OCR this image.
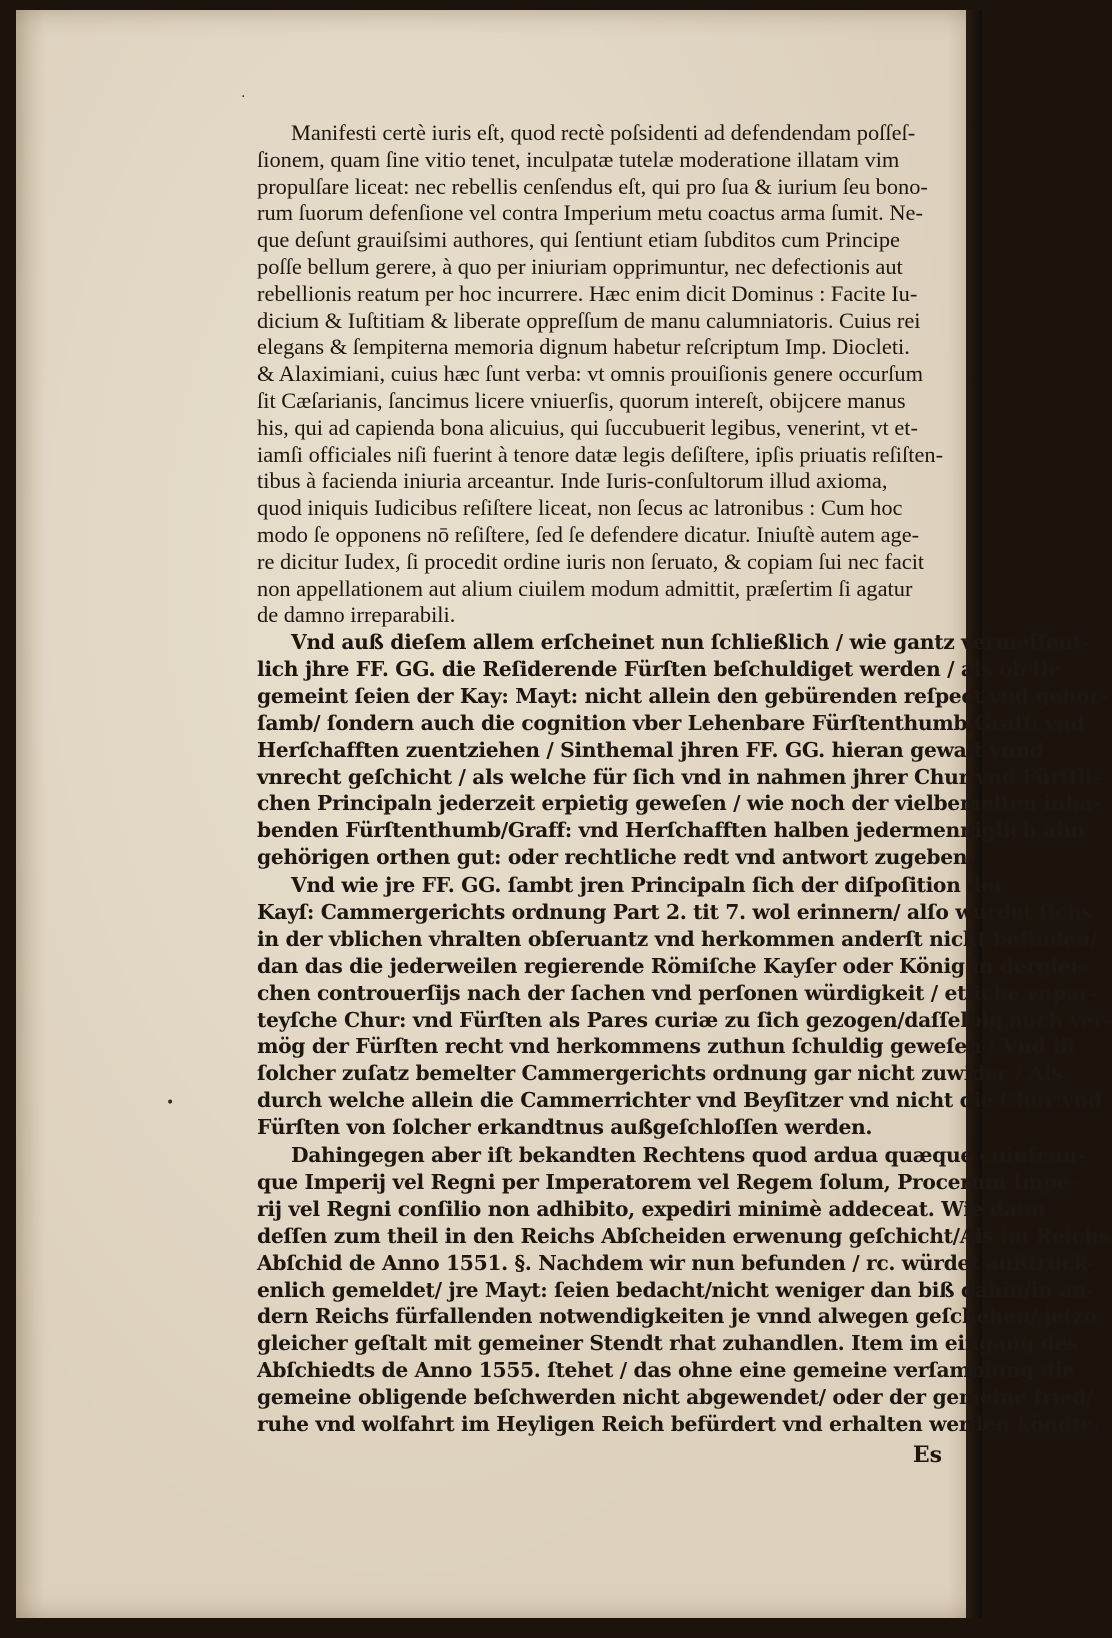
·
•
Manifesti certè iuris eſt, quod rectè poſsidenti ad defendendam poſſeſ-
ſionem, quam ſine vitio tenet, inculpatæ tutelæ moderatione illatam vim
propulſare liceat: nec rebellis cenſendus eſt, qui pro ſua & iurium ſeu bono-
rum ſuorum defenſione vel contra Imperium metu coactus arma ſumit. Ne-
que deſunt grauiſsimi authores, qui ſentiunt etiam ſubditos cum Principe
poſſe bellum gerere, à quo per iniuriam opprimuntur, nec defectionis aut
rebellionis reatum per hoc incurrere. Hæc enim dicit Dominus : Facite Iu-
dicium & Iuſtitiam & liberate oppreſſum de manu calumniatoris. Cuius rei
elegans & ſempiterna memoria dignum habetur reſcriptum Imp. Diocleti.
& Alaximiani, cuius hæc ſunt verba: vt omnis prouiſionis genere occurſum
ſit Cæſarianis, ſancimus licere vniuerſis, quorum intereſt, obijcere manus
his, qui ad capienda bona alicuius, qui ſuccubuerit legibus, venerint, vt et-
iamſi officiales niſi fuerint à tenore datæ legis deſiſtere, ipſis priuatis reſiſten-
tibus à facienda iniuria arceantur. Inde Iuris-conſultorum illud axioma,
quod iniquis Iudicibus reſiſtere liceat, non ſecus ac latronibus : Cum hoc
modo ſe opponens nō reſiſtere, ſed ſe defendere dicatur. Iniuſtè autem age-
re dicitur Iudex, ſi procedit ordine iuris non ſeruato, & copiam ſui nec facit
non appellationem aut alium ciuilem modum admittit, præſertim ſi agatur
de damno irreparabili.
Vnd auß dieſem allem erſcheinet nun ſchließlich / wie gantz vermeſſent-
lich jhre FF. GG. die Reſiderende Fürſten beſchuldiget werden / als ob ſie
gemeint ſeien der Kay: Mayt: nicht allein den gebürenden reſpect vnd gehor-
ſamb/ ſondern auch die cognition vber Lehenbare Fürſtenthumb/Graff: vnd
Herſchafften zuentziehen / Sinthemal jhren FF. GG. hieran gewalt vnnd
vnrecht geſchicht / als welche für ſich vnd in nahmen jhrer Chur vnd Fürſtli-
chen Principaln jederzeit erpietig geweſen / wie noch der vielbemelten inha-
benden Fürſtenthumb/Graff: vnd Herſchafften halben jedermenniglich ahn
gehörigen orthen gut: oder rechtliche redt vnd antwort zugeben.
Vnd wie jre FF. GG. ſambt jren Principaln ſich der diſpoſition der
Kayſ: Cammergerichts ordnung Part 2. tit 7. wol erinnern/ alſo wurdet ſichs
in der vblichen vhralten obſeruantz vnd herkommen anderſt nicht befinden/
dan das die jederweilen regierende Römiſche Kayſer oder König in dergleí-
chen controuerſijs nach der ſachen vnd perſonen würdigkeit / etliche vnpar-
teyſche Chur: vnd Fürſten als Pares curiæ zu ſich gezogen/daſſelbig auch ver-
mög der Fürſten recht vnd herkommens zuthun ſchuldig geweſen / Vnd iſt
ſolcher zuſatz bemelter Cammergerichts ordnung gar nicht zuwider / Als
durch welche allein die Cammerrichter vnd Beyſitzer vnd nicht die Chur:vnd
Fürſten von ſolcher erkandtnus außgeſchloſſen werden.
Dahingegen aber iſt bekandten Rechtens quod ardua quæque cuiuſcun-
que Imperij vel Regni per Imperatorem vel Regem ſolum, Procerum Impe-
rij vel Regni conſilio non adhibito, expediri minimè addeceat. Wie dann
deſſen zum theil in den Reichs Abſcheiden erwenung geſchicht/Als im Reichs
Abſchid de Anno 1551. §. Nachdem wir nun befunden / rc. würdet außtruck-
enlich gemeldet/ jre Mayt: ſeien bedacht/nicht weniger dan biß dahin/in an-
dern Reichs fürfallenden notwendigkeiten je vnnd alwegen geſchehen/ jetzo
gleicher geſtalt mit gemeiner Stendt rhat zuhandlen. Item im eingang des
Abſchiedts de Anno 1555. ſtehet / das ohne eine gemeine verſamblung die
gemeine obligende beſchwerden nicht abgewendet/ oder der gemeine fried/
ruhe vnd wolfahrt im Heyligen Reich befürdert vnd erhalten werden köndte.
Es
